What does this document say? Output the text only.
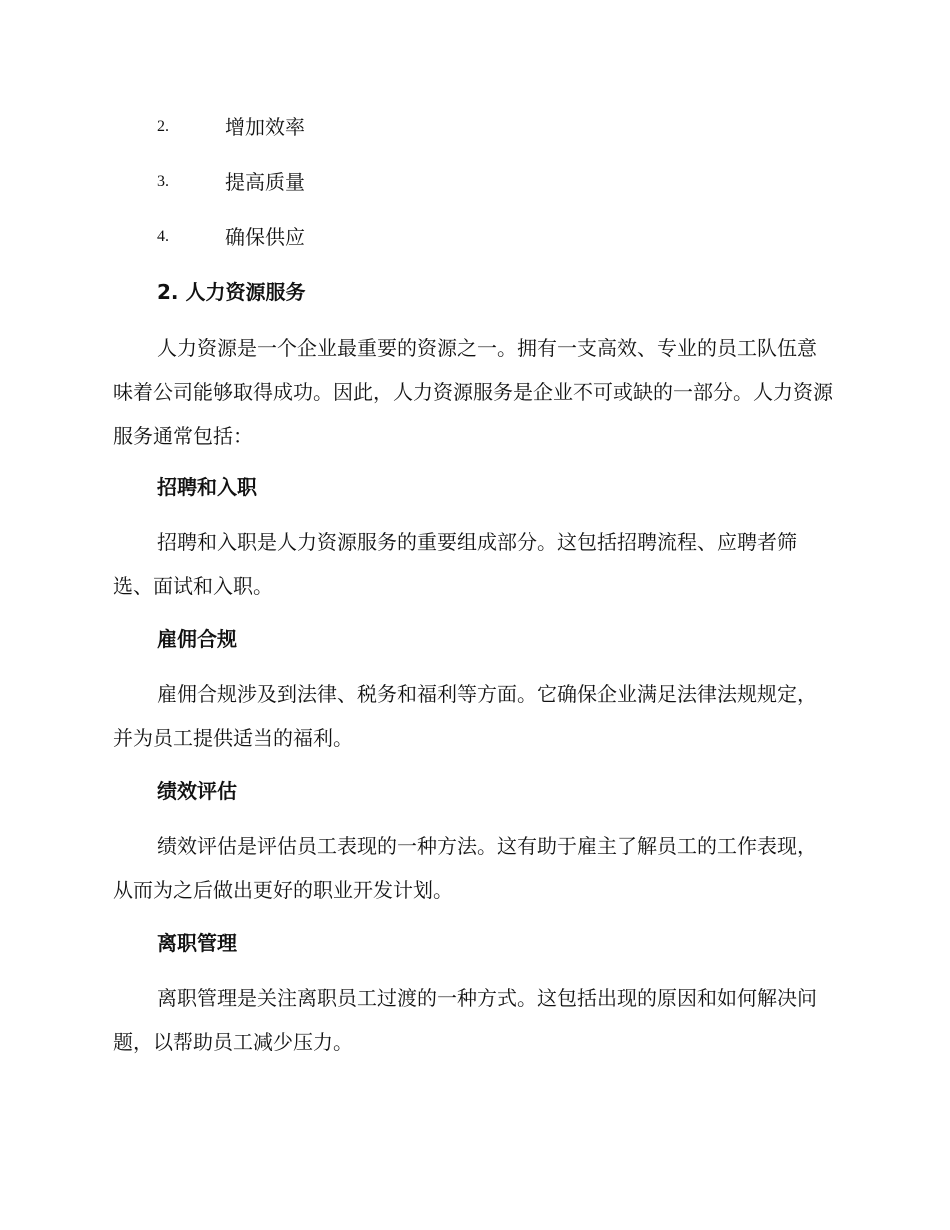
2.	增加效率
3.	提高质量
4.	确保供应
2. 人力资源服务

人力资源是一个企业最重要的资源之一。拥有一支高效、专业的员工队伍意味着公司能够取得成功。因此，人力资源服务是企业不可或缺的一部分。人力资源服务通常包括：

招聘和入职

招聘和入职是人力资源服务的重要组成部分。这包括招聘流程、应聘者筛选、面试和入职。

雇佣合规

雇佣合规涉及到法律、税务和福利等方面。它确保企业满足法律法规规定，并为员工提供适当的福利。

绩效评估

绩效评估是评估员工表现的一种方法。这有助于雇主了解员工的工作表现，从而为之后做出更好的职业开发计划。

离职管理

离职管理是关注离职员工过渡的一种方式。这包括出现的原因和如何解决问题，以帮助员工减少压力。
